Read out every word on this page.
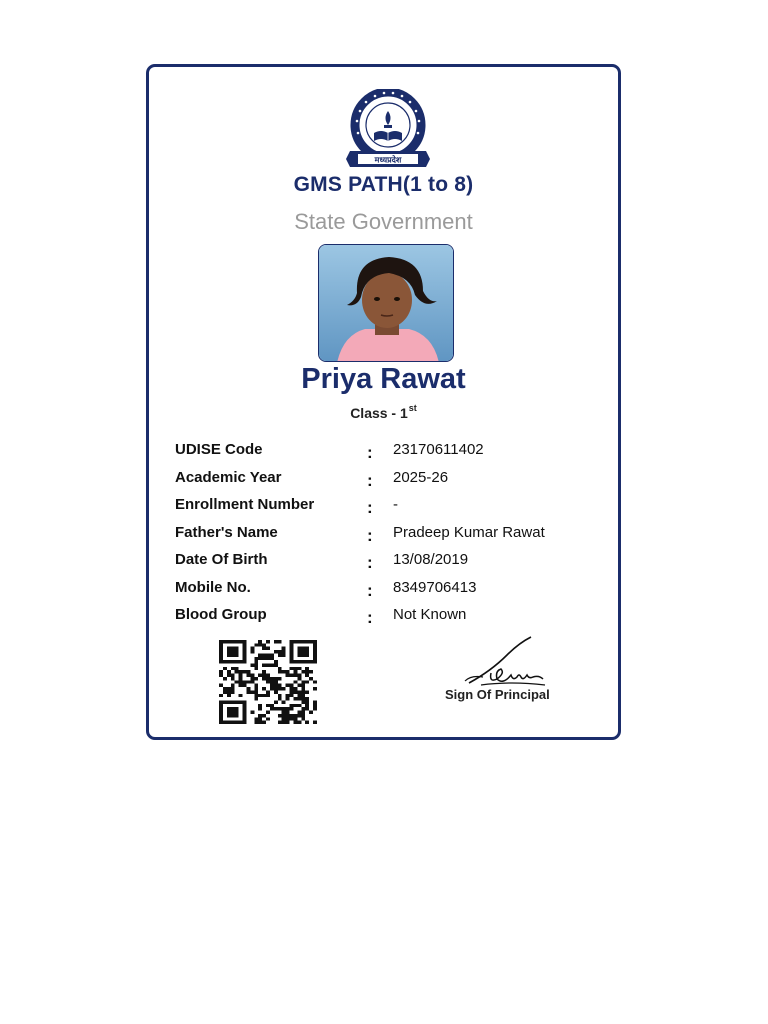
मध्यप्रदेश
GMS PATH(1 to 8)
State Government
Priya Rawat
Class - 1st
UDISE Code	: 23170611402
Academic Year	: 2025-26
Enrollment Number	: -
Father's Name	: Pradeep Kumar Rawat
Date Of Birth	: 13/08/2019
Mobile No.	: 8349706413
Blood Group	: Not Known
Sign Of Principal
